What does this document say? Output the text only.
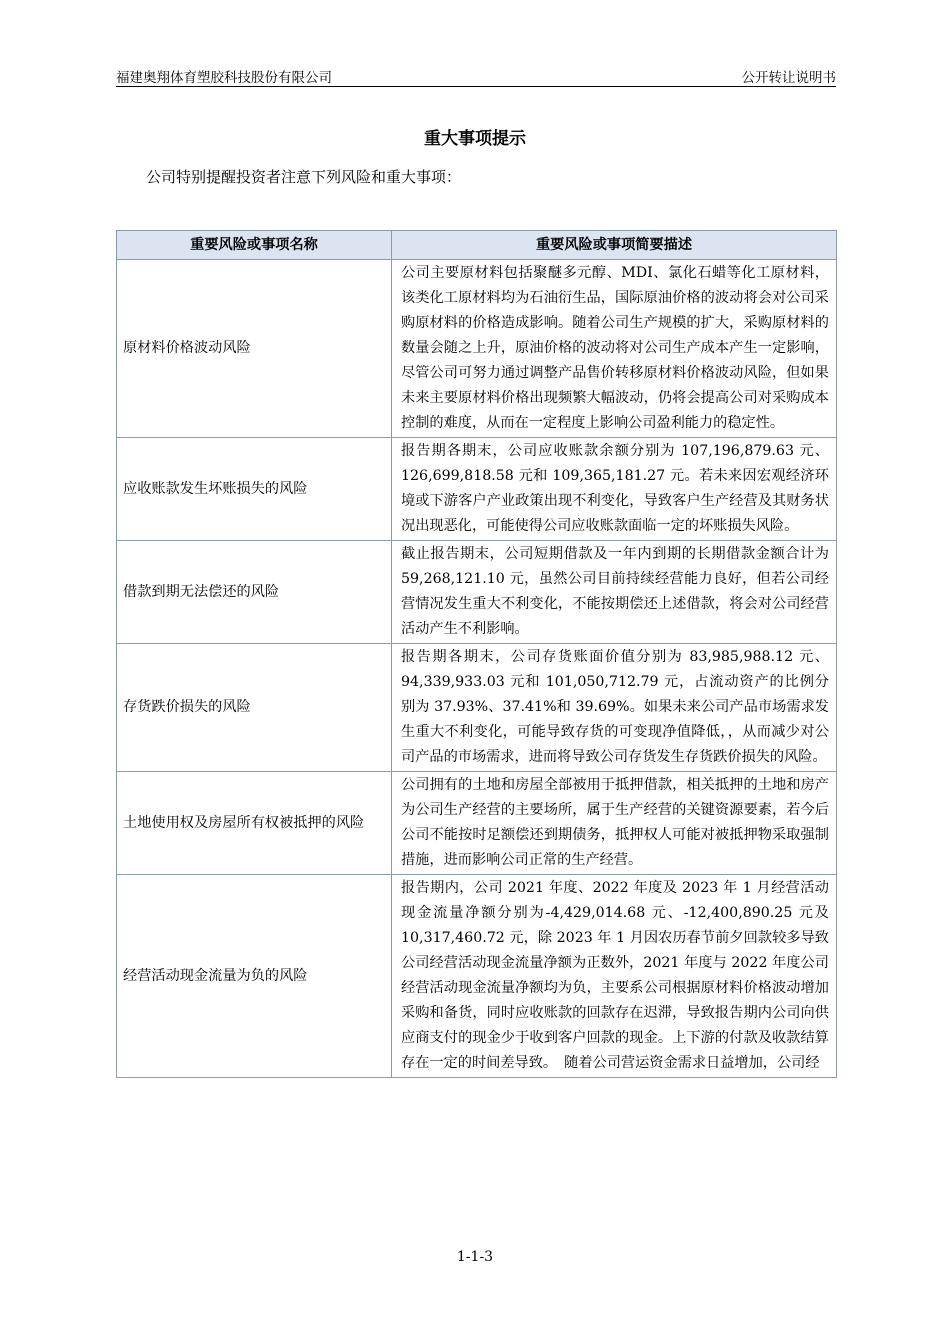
福建奥翔体育塑胶科技股份有限公司	公开转让说明书
重大事项提示
公司特别提醒投资者注意下列风险和重大事项：
重要风险或事项名称	重要风险或事项简要描述
原材料价格波动风险	公司主要原材料包括聚醚多元醇、MDI、氯化石蜡等化工原材料，该类化工原材料均为石油衍生品，国际原油价格的波动将会对公司采购原材料的价格造成影响。随着公司生产规模的扩大，采购原材料的数量会随之上升，原油价格的波动将对公司生产成本产生一定影响，尽管公司可努力通过调整产品售价转移原材料价格波动风险，但如果未来主要原材料价格出现频繁大幅波动，仍将会提高公司对采购成本控制的难度，从而在一定程度上影响公司盈利能力的稳定性。
应收账款发生坏账损失的风险	报告期各期末，公司应收账款余额分别为 107,196,879.63 元、126,699,818.58 元和 109,365,181.27 元。若未来因宏观经济环境或下游客户产业政策出现不利变化，导致客户生产经营及其财务状况出现恶化，可能使得公司应收账款面临一定的坏账损失风险。
借款到期无法偿还的风险	截止报告期末，公司短期借款及一年内到期的长期借款金额合计为 59,268,121.10 元，虽然公司目前持续经营能力良好，但若公司经营情况发生重大不利变化，不能按期偿还上述借款，将会对公司经营活动产生不利影响。
存货跌价损失的风险	报告期各期末，公司存货账面价值分别为 83,985,988.12 元、94,339,933.03 元和 101,050,712.79 元，占流动资产的比例分别为 37.93%、37.41%和 39.69%。如果未来公司产品市场需求发生重大不利变化，可能导致存货的可变现净值降低，，从而减少对公司产品的市场需求，进而将导致公司存货发生存货跌价损失的风险。
土地使用权及房屋所有权被抵押的风险	公司拥有的土地和房屋全部被用于抵押借款，相关抵押的土地和房产为公司生产经营的主要场所，属于生产经营的关键资源要素，若今后公司不能按时足额偿还到期债务，抵押权人可能对被抵押物采取强制措施，进而影响公司正常的生产经营。
经营活动现金流量为负的风险	报告期内，公司 2021 年度、2022 年度及 2023 年 1 月经营活动现金流量净额分别为-4,429,014.68 元、-12,400,890.25 元及 10,317,460.72 元，除 2023 年 1 月因农历春节前夕回款较多导致公司经营活动现金流量净额为正数外，2021 年度与 2022 年度公司经营活动现金流量净额均为负，主要系公司根据原材料价格波动增加采购和备货，同时应收账款的回款存在迟滞，导致报告期内公司向供应商支付的现金少于收到客户回款的现金。上下游的付款及收款结算存在一定的时间差导致。　随着公司营运资金需求日益增加，公司经
1-1-3
